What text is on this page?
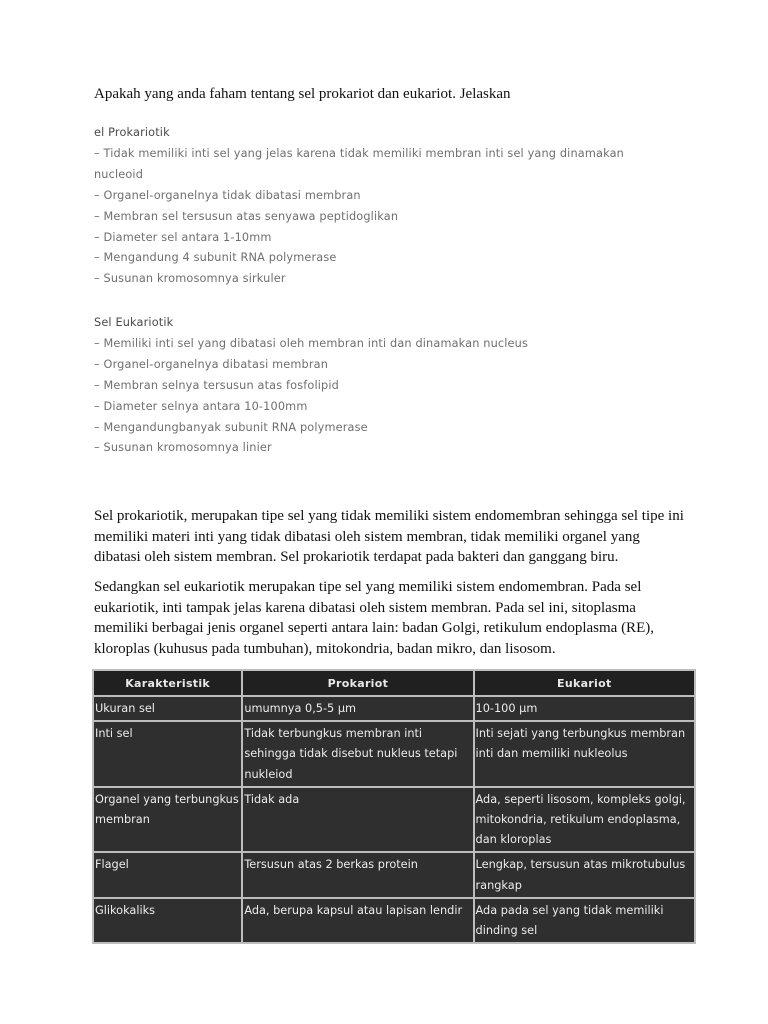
Apakah yang anda faham tentang sel prokariot dan eukariot. Jelaskan
el Prokariotik
– Tidak memiliki inti sel yang jelas karena tidak memiliki membran inti sel yang dinamakan
nucleoid
– Organel-organelnya tidak dibatasi membran
– Membran sel tersusun atas senyawa peptidoglikan
– Diameter sel antara 1-10mm
– Mengandung 4 subunit RNA polymerase
– Susunan kromosomnya sirkuler
Sel Eukariotik
– Memiliki inti sel yang dibatasi oleh membran inti dan dinamakan nucleus
– Organel-organelnya dibatasi membran
– Membran selnya tersusun atas fosfolipid
– Diameter selnya antara 10-100mm
– Mengandungbanyak subunit RNA polymerase
– Susunan kromosomnya linier

Sel prokariotik, merupakan tipe sel yang tidak memiliki sistem endomembran sehingga sel tipe ini memiliki materi inti yang tidak dibatasi oleh sistem membran, tidak memiliki organel yang dibatasi oleh sistem membran. Sel prokariotik terdapat pada bakteri dan ganggang biru.

Sedangkan sel eukariotik merupakan tipe sel yang memiliki sistem endomembran. Pada sel eukariotik, inti tampak jelas karena dibatasi oleh sistem membran. Pada sel ini, sitoplasma memiliki berbagai jenis organel seperti antara lain: badan Golgi, retikulum endoplasma (RE), kloroplas (kuhusus pada tumbuhan), mitokondria, badan mikro, dan lisosom.

Karakteristik	Prokariot	Eukariot
Ukuran sel	umumnya 0,5-5 µm	10-100 µm
Inti sel	Tidak terbungkus membran inti sehingga tidak disebut nukleus tetapi nukleiod	Inti sejati yang terbungkus membran inti dan memiliki nukleolus
Organel yang terbungkus membran	Tidak ada	Ada, seperti lisosom, kompleks golgi, mitokondria, retikulum endoplasma, dan kloroplas
Flagel	Tersusun atas 2 berkas protein	Lengkap, tersusun atas mikrotubulus rangkap
Glikokaliks	Ada, berupa kapsul atau lapisan lendir	Ada pada sel yang tidak memiliki dinding sel
